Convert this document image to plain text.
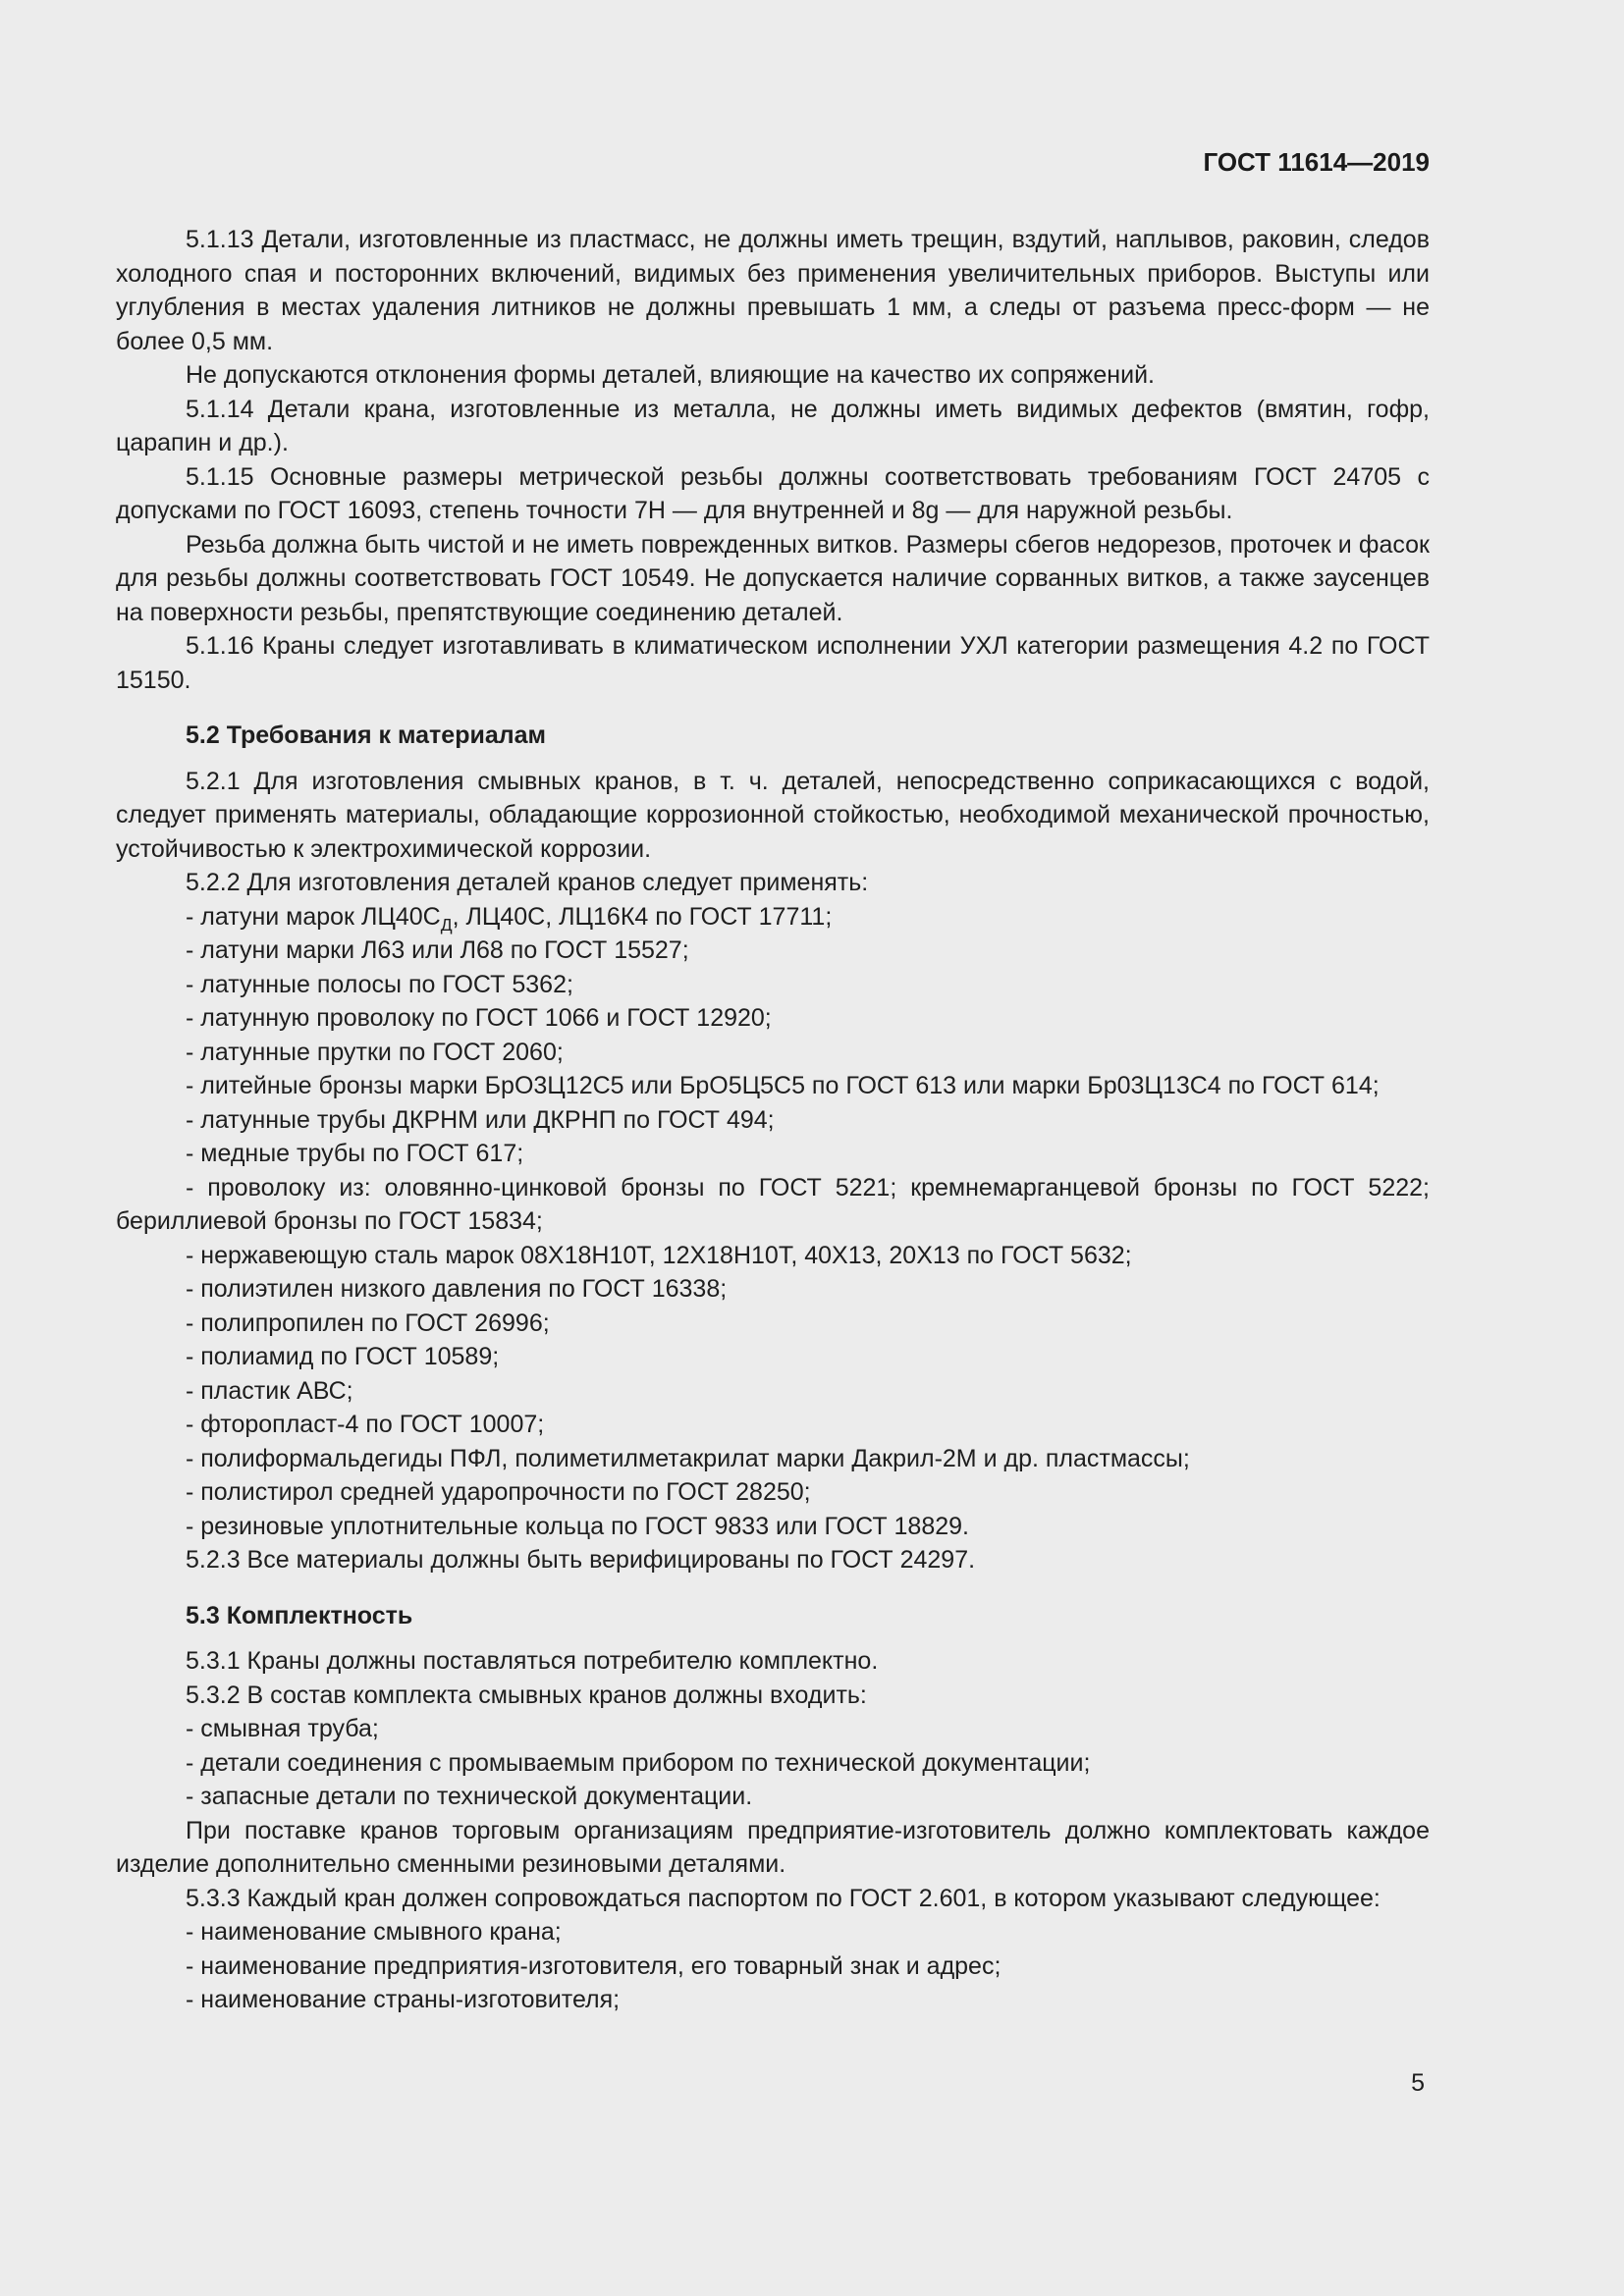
ГОСТ 11614—2019

5.1.13 Детали, изготовленные из пластмасс, не должны иметь трещин, вздутий, наплывов, раковин, следов холодного спая и посторонних включений, видимых без применения увеличительных приборов. Выступы или углубления в местах удаления литников не должны превышать 1 мм, а следы от разъема пресс-форм — не более 0,5 мм.

Не допускаются отклонения формы деталей, влияющие на качество их сопряжений.

5.1.14 Детали крана, изготовленные из металла, не должны иметь видимых дефектов (вмятин, гофр, царапин и др.).

5.1.15 Основные размеры метрической резьбы должны соответствовать требованиям ГОСТ 24705 с допусками по ГОСТ 16093, степень точности 7Н — для внутренней и 8g — для наружной резьбы.

Резьба должна быть чистой и не иметь поврежденных витков. Размеры сбегов недорезов, проточек и фасок для резьбы должны соответствовать ГОСТ 10549. Не допускается наличие сорванных витков, а также заусенцев на поверхности резьбы, препятствующие соединению деталей.

5.1.16 Краны следует изготавливать в климатическом исполнении УХЛ категории размещения 4.2 по ГОСТ 15150.

5.2 Требования к материалам

5.2.1 Для изготовления смывных кранов, в т. ч. деталей, непосредственно соприкасающихся с водой, следует применять материалы, обладающие коррозионной стойкостью, необходимой механической прочностью, устойчивостью к электрохимической коррозии.

5.2.2 Для изготовления деталей кранов следует применять:

- латуни марок $ЛЦ40С_Д$, ЛЦ40С, ЛЦ16К4 по ГОСТ 17711;

- латуни марки Л63 или Л68 по ГОСТ 15527;

- латунные полосы по ГОСТ 5362;

- латунную проволоку по ГОСТ 1066 и ГОСТ 12920;

- латунные прутки по ГОСТ 2060;

- литейные бронзы марки БрО3Ц12С5 или БрО5Ц5С5 по ГОСТ 613 или марки Бр03Ц13С4 по ГОСТ 614;

- латунные трубы ДКРНМ или ДКРНП по ГОСТ 494;

- медные трубы по ГОСТ 617;

- проволоку из: оловянно-цинковой бронзы по ГОСТ 5221; кремнемарганцевой бронзы по ГОСТ 5222; бериллиевой бронзы по ГОСТ 15834;

- нержавеющую сталь марок 08Х18Н10Т, 12Х18Н10Т, 40Х13, 20Х13 по ГОСТ 5632;

- полиэтилен низкого давления по ГОСТ 16338;

- полипропилен по ГОСТ 26996;

- полиамид по ГОСТ 10589;

- пластик АВС;

- фторопласт-4 по ГОСТ 10007;

- полиформальдегиды ПФЛ, полиметилметакрилат марки Дакрил-2М и др. пластмассы;

- полистирол средней ударопрочности по ГОСТ 28250;

- резиновые уплотнительные кольца по ГОСТ 9833 или ГОСТ 18829.

5.2.3 Все материалы должны быть верифицированы по ГОСТ 24297.

5.3 Комплектность

5.3.1 Краны должны поставляться потребителю комплектно.

5.3.2 В состав комплекта смывных кранов должны входить:

- смывная труба;

- детали соединения с промываемым прибором по технической документации;

- запасные детали по технической документации.

При поставке кранов торговым организациям предприятие-изготовитель должно комплектовать каждое изделие дополнительно сменными резиновыми деталями.

5.3.3 Каждый кран должен сопровождаться паспортом по ГОСТ 2.601, в котором указывают следующее:

- наименование смывного крана;

- наименование предприятия-изготовителя, его товарный знак и адрес;

- наименование страны-изготовителя;

5
